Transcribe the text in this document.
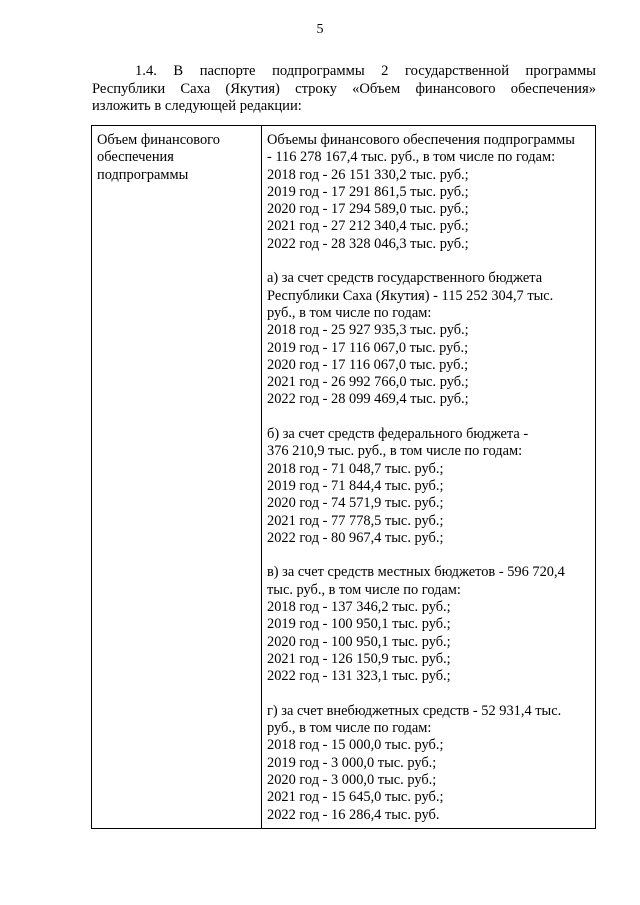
5
1.4. В паспорте подпрограммы 2 государственной программы
Республики Саха (Якутия) строку «Объем финансового обеспечения»
изложить в следующей редакции:
Объем финансового
обеспечения
подпрограммы
Объемы финансового обеспечения подпрограммы
- 116 278 167,4 тыс. руб., в том числе по годам:
2018 год - 26 151 330,2 тыс. руб.;
2019 год - 17 291 861,5 тыс. руб.;
2020 год - 17 294 589,0 тыс. руб.;
2021 год - 27 212 340,4 тыс. руб.;
2022 год - 28 328 046,3 тыс. руб.;
а) за счет средств государственного бюджета
Республики Саха (Якутия) - 115 252 304,7 тыс.
руб., в том числе по годам:
2018 год - 25 927 935,3 тыс. руб.;
2019 год - 17 116 067,0 тыс. руб.;
2020 год - 17 116 067,0 тыс. руб.;
2021 год - 26 992 766,0 тыс. руб.;
2022 год - 28 099 469,4 тыс. руб.;
б) за счет средств федерального бюджета -
376 210,9 тыс. руб., в том числе по годам:
2018 год - 71 048,7 тыс. руб.;
2019 год - 71 844,4 тыс. руб.;
2020 год - 74 571,9 тыс. руб.;
2021 год - 77 778,5 тыс. руб.;
2022 год - 80 967,4 тыс. руб.;
в) за счет средств местных бюджетов - 596 720,4
тыс. руб., в том числе по годам:
2018 год - 137 346,2 тыс. руб.;
2019 год - 100 950,1 тыс. руб.;
2020 год - 100 950,1 тыс. руб.;
2021 год - 126 150,9 тыс. руб.;
2022 год - 131 323,1 тыс. руб.;
г) за счет внебюджетных средств - 52 931,4 тыс.
руб., в том числе по годам:
2018 год - 15 000,0 тыс. руб.;
2019 год - 3 000,0 тыс. руб.;
2020 год - 3 000,0 тыс. руб.;
2021 год - 15 645,0 тыс. руб.;
2022 год - 16 286,4 тыс. руб.
